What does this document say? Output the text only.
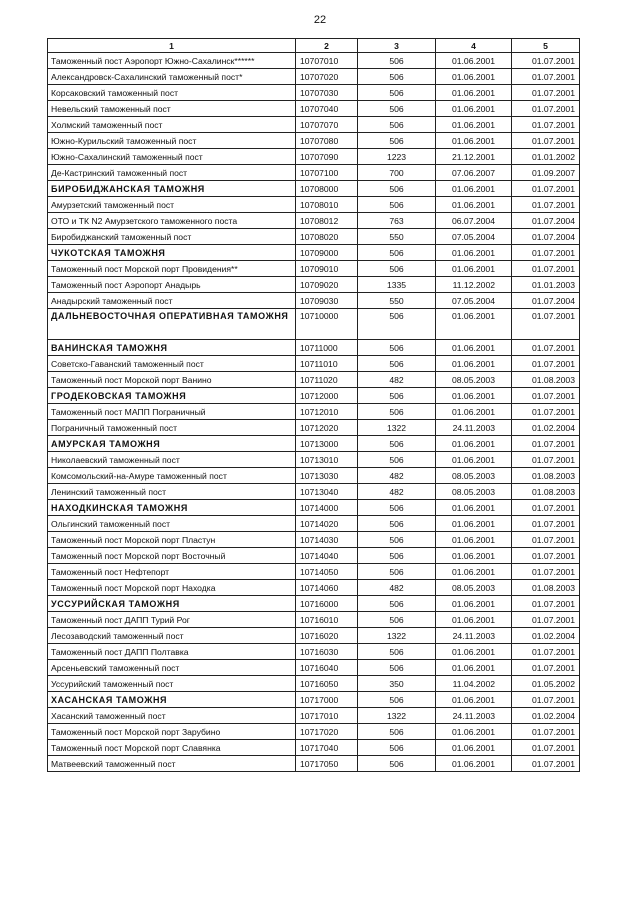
22
1	2	3	4	5
Таможенный пост Аэропорт Южно-Сахалинск******	10707010	506	01.06.2001	01.07.2001
Александровск-Сахалинский таможенный пост*	10707020	506	01.06.2001	01.07.2001
Корсаковский таможенный пост	10707030	506	01.06.2001	01.07.2001
Невельский таможенный пост	10707040	506	01.06.2001	01.07.2001
Холмский таможенный пост	10707070	506	01.06.2001	01.07.2001
Южно-Курильский таможенный пост	10707080	506	01.06.2001	01.07.2001
Южно-Сахалинский таможенный пост	10707090	1223	21.12.2001	01.01.2002
Де-Кастринский таможенный пост	10707100	700	07.06.2007	01.09.2007
БИРОБИДЖАНСКАЯ ТАМОЖНЯ	10708000	506	01.06.2001	01.07.2001
Амурзетский таможенный пост	10708010	506	01.06.2001	01.07.2001
ОТО и ТК N2 Амурзетского таможенного поста	10708012	763	06.07.2004	01.07.2004
Биробиджанский таможенный пост	10708020	550	07.05.2004	01.07.2004
ЧУКОТСКАЯ ТАМОЖНЯ	10709000	506	01.06.2001	01.07.2001
Таможенный пост Морской порт Провидения**	10709010	506	01.06.2001	01.07.2001
Таможенный пост Аэропорт Анадырь	10709020	1335	11.12.2002	01.01.2003
Анадырский таможенный пост	10709030	550	07.05.2004	01.07.2004
ДАЛЬНЕВОСТОЧНАЯ ОПЕРАТИВНАЯ ТАМОЖНЯ	10710000	506	01.06.2001	01.07.2001
ВАНИНСКАЯ ТАМОЖНЯ	10711000	506	01.06.2001	01.07.2001
Советско-Гаванский таможенный пост	10711010	506	01.06.2001	01.07.2001
Таможенный пост Морской порт Ванино	10711020	482	08.05.2003	01.08.2003
ГРОДЕКОВСКАЯ ТАМОЖНЯ	10712000	506	01.06.2001	01.07.2001
Таможенный пост МАПП Пограничный	10712010	506	01.06.2001	01.07.2001
Пограничный таможенный пост	10712020	1322	24.11.2003	01.02.2004
АМУРСКАЯ ТАМОЖНЯ	10713000	506	01.06.2001	01.07.2001
Николаевский таможенный пост	10713010	506	01.06.2001	01.07.2001
Комсомольский-на-Амуре таможенный пост	10713030	482	08.05.2003	01.08.2003
Ленинский таможенный пост	10713040	482	08.05.2003	01.08.2003
НАХОДКИНСКАЯ ТАМОЖНЯ	10714000	506	01.06.2001	01.07.2001
Ольгинский таможенный пост	10714020	506	01.06.2001	01.07.2001
Таможенный пост Морской порт Пластун	10714030	506	01.06.2001	01.07.2001
Таможенный пост Морской порт Восточный	10714040	506	01.06.2001	01.07.2001
Таможенный пост Нефтепорт	10714050	506	01.06.2001	01.07.2001
Таможенный пост Морской порт Находка	10714060	482	08.05.2003	01.08.2003
УССУРИЙСКАЯ ТАМОЖНЯ	10716000	506	01.06.2001	01.07.2001
Таможенный пост ДАПП Турий Рог	10716010	506	01.06.2001	01.07.2001
Лесозаводский таможенный пост	10716020	1322	24.11.2003	01.02.2004
Таможенный пост ДАПП Полтавка	10716030	506	01.06.2001	01.07.2001
Арсеньевский таможенный пост	10716040	506	01.06.2001	01.07.2001
Уссурийский таможенный пост	10716050	350	11.04.2002	01.05.2002
ХАСАНСКАЯ ТАМОЖНЯ	10717000	506	01.06.2001	01.07.2001
Хасанский таможенный пост	10717010	1322	24.11.2003	01.02.2004
Таможенный пост Морской порт Зарубино	10717020	506	01.06.2001	01.07.2001
Таможенный пост Морской порт Славянка	10717040	506	01.06.2001	01.07.2001
Матвеевский таможенный пост	10717050	506	01.06.2001	01.07.2001
